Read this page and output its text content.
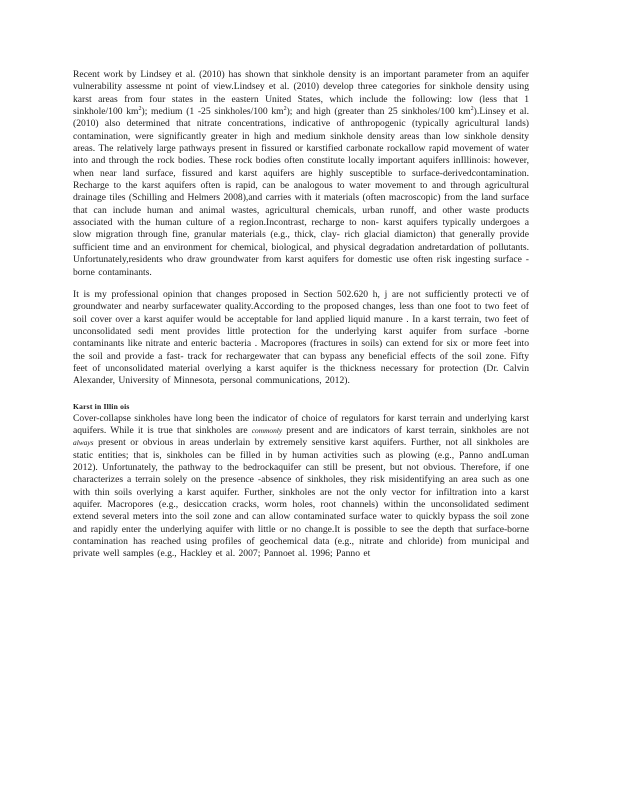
Recent work by Lindsey et al. (2010) has shown that sinkhole density is an important parameter from an aquifer vulnerability assessme nt point of view.Lindsey et al. (2010) develop three categories for sinkhole density using karst areas from four states in the eastern United States, which include the following: low (less that 1 sinkhole/100 $km^2$); medium (1 -25 sinkholes/100 $km^2$); and high (greater than 25 sinkholes/100 $km^2).Linsey$ et al. (2010) also determined that nitrate concentrations, indicative of anthropogenic (typically agricultural lands) contamination, were significantly greater in high and medium sinkhole density areas than low sinkhole density areas. The relatively large pathways present in fissured or karstified carbonate rockallow rapid movement of water into and through the rock bodies. These rock bodies often constitute locally important aquifers inIllinois: however, when near land surface, fissured and karst aquifers are highly susceptible to surface-derivedcontamination. Recharge to the karst aquifers often is rapid, can be analogous to water movement to and through agricultural drainage tiles (Schilling and Helmers 2008),and carries with it materials (often macroscopic) from the land surface that can include human and animal wastes, agricultural chemicals, urban runoff, and other waste products associated with the human culture of a region.Incontrast, recharge to non- karst aquifers typically undergoes a slow migration through fine, granular materials (e.g., thick, clay- rich glacial diamicton) that generally provide sufficient time and an environment for chemical, biological, and physical degradation andretardation of pollutants. Unfortunately,residents who draw groundwater from karst aquifers for domestic use often risk ingesting surface -borne contaminants.

It is my professional opinion that changes proposed in Section 502.620 h, j are not sufficiently protecti ve of groundwater and nearby surfacewater quality.According to the proposed changes, less than one foot to two feet of soil cover over a karst aquifer would be acceptable for land applied liquid manure . In a karst terrain, two feet of unconsolidated sedi ment provides little protection for the underlying karst aquifer from surface -borne contaminants like nitrate and enteric bacteria . Macropores (fractures in soils) can extend for six or more feet into the soil and provide a fast- track for rechargewater that can bypass any beneficial effects of the soil zone. Fifty feet of unconsolidated material overlying a karst aquifer is the thickness necessary for protection (Dr. Calvin Alexander, University of Minnesota, personal communications, 2012).

Karst in Illin ois

Cover-collapse sinkholes have long been the indicator of choice of regulators for karst terrain and underlying karst aquifers. While it is true that sinkholes are commonly present and are indicators of karst terrain, sinkholes are not always present or obvious in areas underlain by extremely sensitive karst aquifers. Further, not all sinkholes are static entities; that is, sinkholes can be filled in by human activities such as plowing (e.g., Panno andLuman 2012). Unfortunately, the pathway to the bedrockaquifer can still be present, but not obvious. Therefore, if one characterizes a terrain solely on the presence -absence of sinkholes, they risk misidentifying an area such as one with thin soils overlying a karst aquifer. Further, sinkholes are not the only vector for infiltration into a karst aquifer. Macropores (e.g., desiccation cracks, worm holes, root channels) within the unconsolidated sediment extend several meters into the soil zone and can allow contaminated surface water to quickly bypass the soil zone and rapidly enter the underlying aquifer with little or no change.It is possible to see the depth that surface-borne contamination has reached using profiles of geochemical data (e.g., nitrate and chloride) from municipal and private well samples (e.g., Hackley et al. 2007; Pannoet al. 1996; Panno et
